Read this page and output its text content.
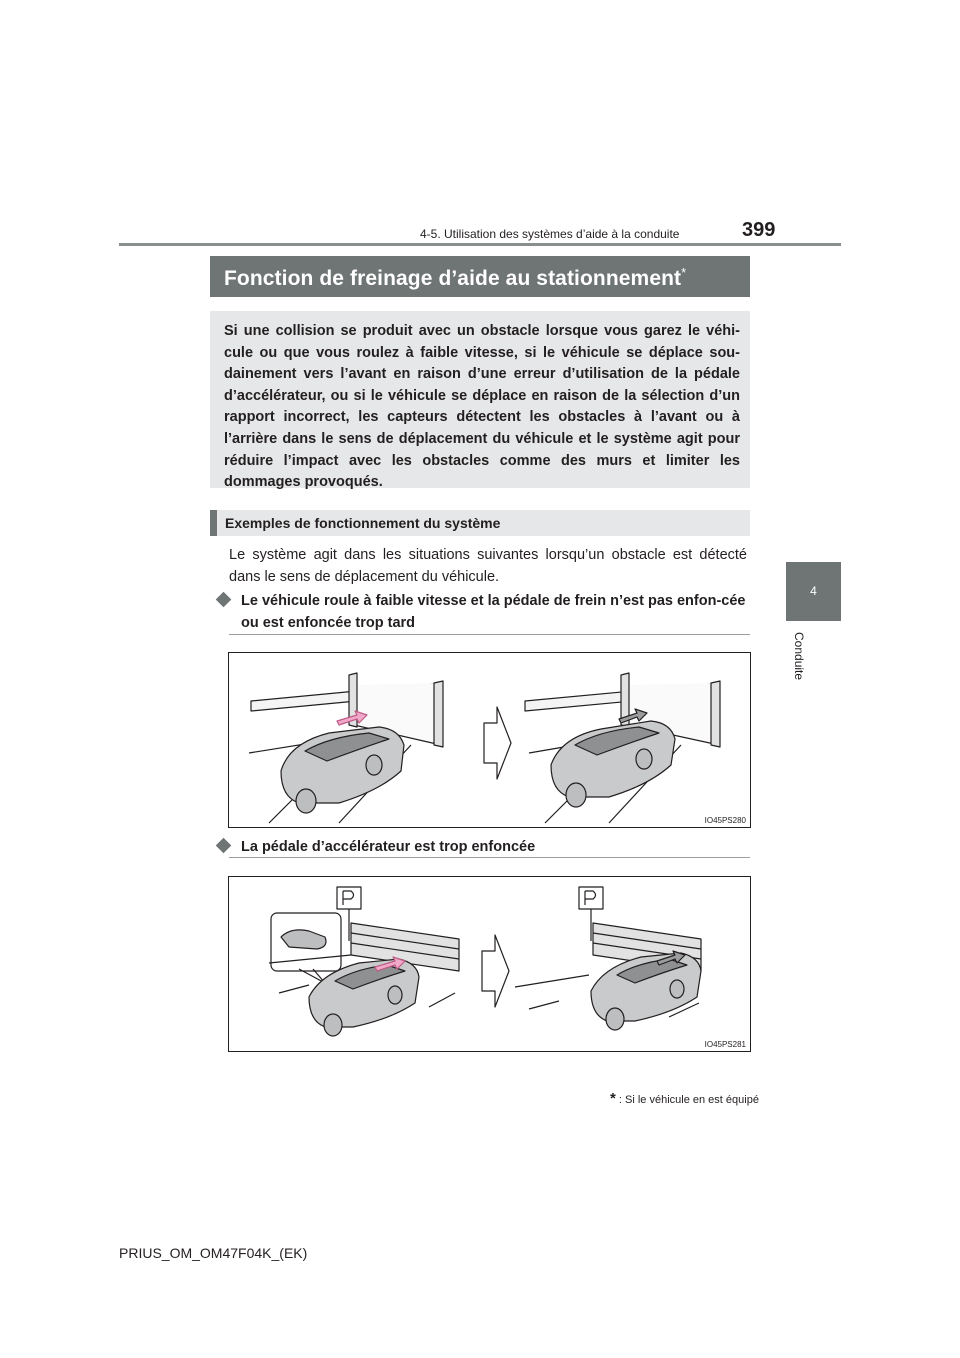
4-5. Utilisation des systèmes d’aide à la conduite	399
4
Conduite
Fonction de freinage d’aide au stationnement*
Si une collision se produit avec un obstacle lorsque vous garez le véhi-cule ou que vous roulez à faible vitesse, si le véhicule se déplace sou-dainement vers l’avant en raison d’une erreur d’utilisation de la pédale d’accélérateur, ou si le véhicule se déplace en raison de la sélection d’un rapport incorrect, les capteurs détectent les obstacles à l’avant ou à l’arrière dans le sens de déplacement du véhicule et le système agit pour réduire l’impact avec les obstacles comme des murs et limiter les dommages provoqués.
Exemples de fonctionnement du système
Le système agit dans les situations suivantes lorsqu’un obstacle est détecté dans le sens de déplacement du véhicule.
Le véhicule roule à faible vitesse et la pédale de frein n’est pas enfon-cée ou est enfoncée trop tard
IO45PS280
La pédale d’accélérateur est trop enfoncée
IO45PS281
* : Si le véhicule en est équipé
PRIUS_OM_OM47F04K_(EK)
